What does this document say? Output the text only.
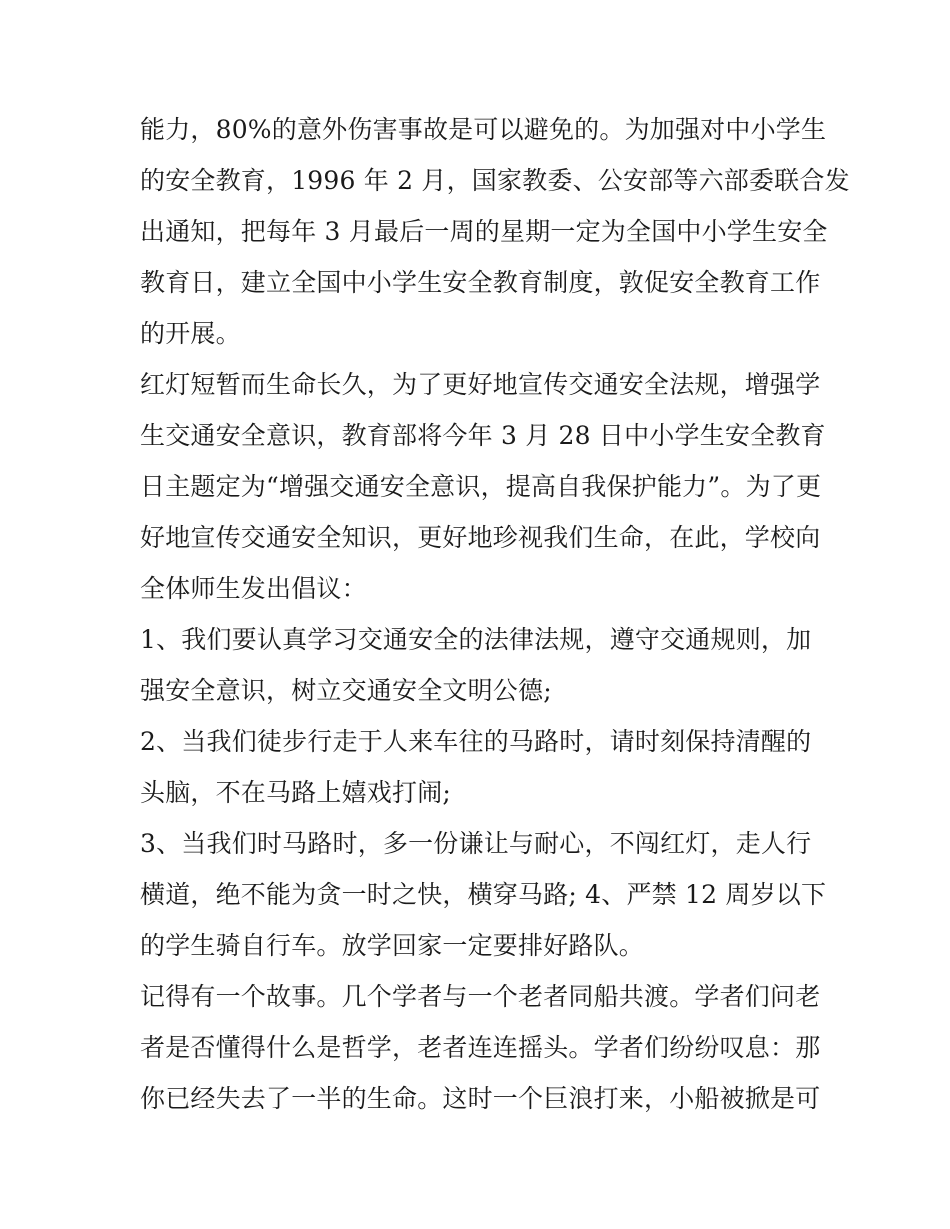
能力，80%的意外伤害事故是可以避免的。为加强对中小学生
的安全教育，1996 年 2 月，国家教委、公安部等六部委联合发
出通知，把每年 3 月最后一周的星期一定为全国中小学生安全
教育日，建立全国中小学生安全教育制度，敦促安全教育工作
的开展。
红灯短暂而生命长久，为了更好地宣传交通安全法规，增强学
生交通安全意识，教育部将今年 3 月 28 日中小学生安全教育
日主题定为“增强交通安全意识，提高自我保护能力”。为了更
好地宣传交通安全知识，更好地珍视我们生命，在此，学校向
全体师生发出倡议：
1、我们要认真学习交通安全的法律法规，遵守交通规则，加
强安全意识，树立交通安全文明公德;
2、当我们徒步行走于人来车往的马路时，请时刻保持清醒的
头脑，不在马路上嬉戏打闹;
3、当我们时马路时，多一份谦让与耐心，不闯红灯，走人行
横道，绝不能为贪一时之快，横穿马路; 4、严禁 12 周岁以下
的学生骑自行车。放学回家一定要排好路队。
记得有一个故事。几个学者与一个老者同船共渡。学者们问老
者是否懂得什么是哲学，老者连连摇头。学者们纷纷叹息：那
你已经失去了一半的生命。这时一个巨浪打来，小船被掀是可
